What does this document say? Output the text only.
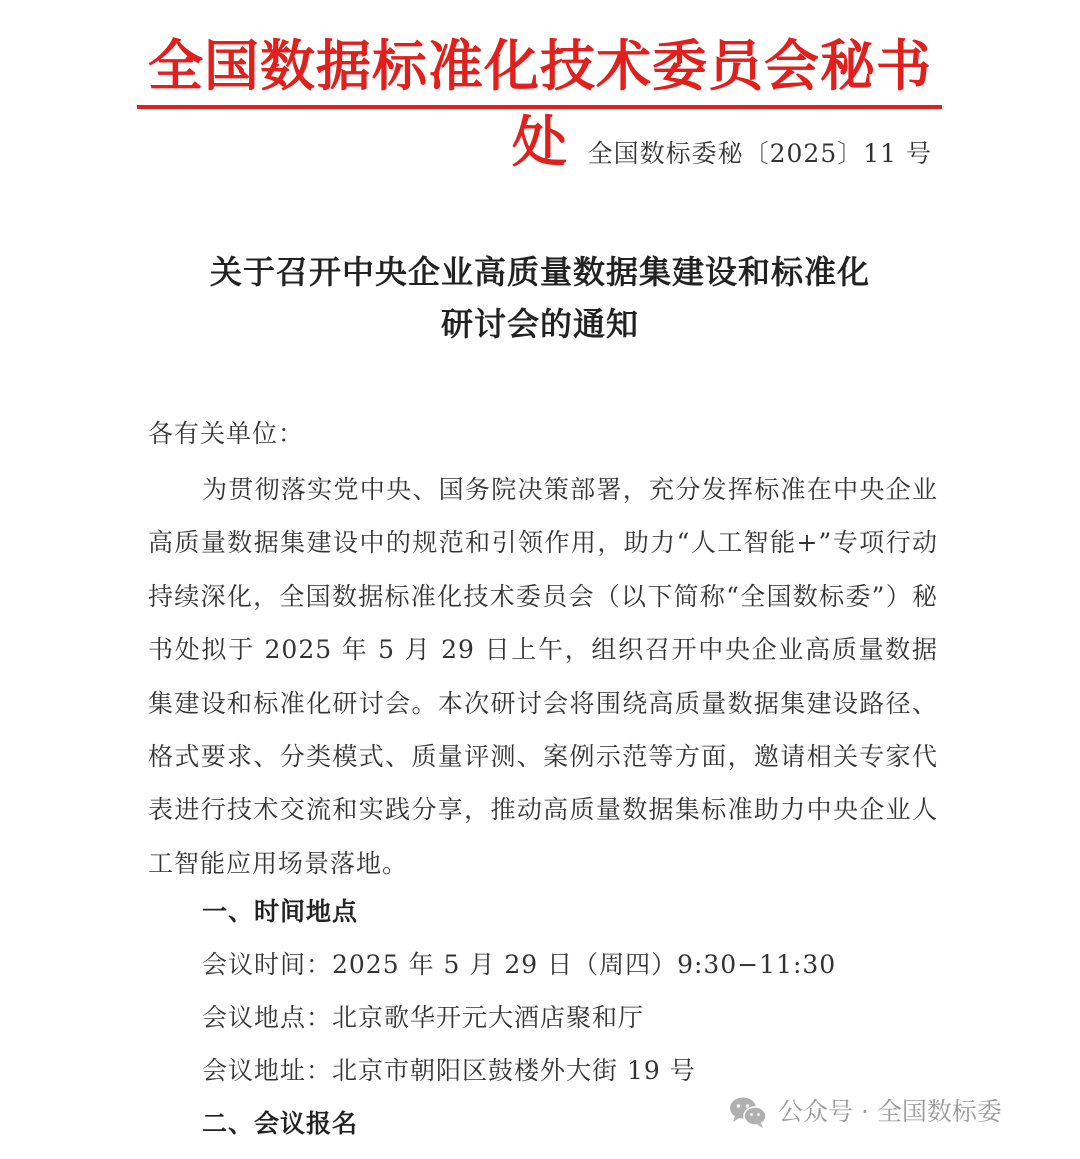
全国数据标准化技术委员会秘书处 全国数标委秘〔2025〕11 号
关于召开中央企业高质量数据集建设和标准化
研讨会的通知
各有关单位：

为贯彻落实党中央、国务院决策部署，充分发挥标准在中央企业高质量数据集建设中的规范和引领作用，助力“人工智能+”专项行动持续深化，全国数据标准化技术委员会（以下简称“全国数标委”）秘书处拟于 2025 年 5 月 29 日上午，组织召开中央企业高质量数据集建设和标准化研讨会。本次研讨会将围绕高质量数据集建设路径、格式要求、分类模式、质量评测、案例示范等方面，邀请相关专家代表进行技术交流和实践分享，推动高质量数据集标准助力中央企业人工智能应用场景落地。

一、时间地点
会议时间：2025 年 5 月 29 日（周四）9:30−11:30
会议地点：北京歌华开元大酒店聚和厅
会议地址：北京市朝阳区鼓楼外大街 19 号
二、会议报名	公众号 · 全国数标委
